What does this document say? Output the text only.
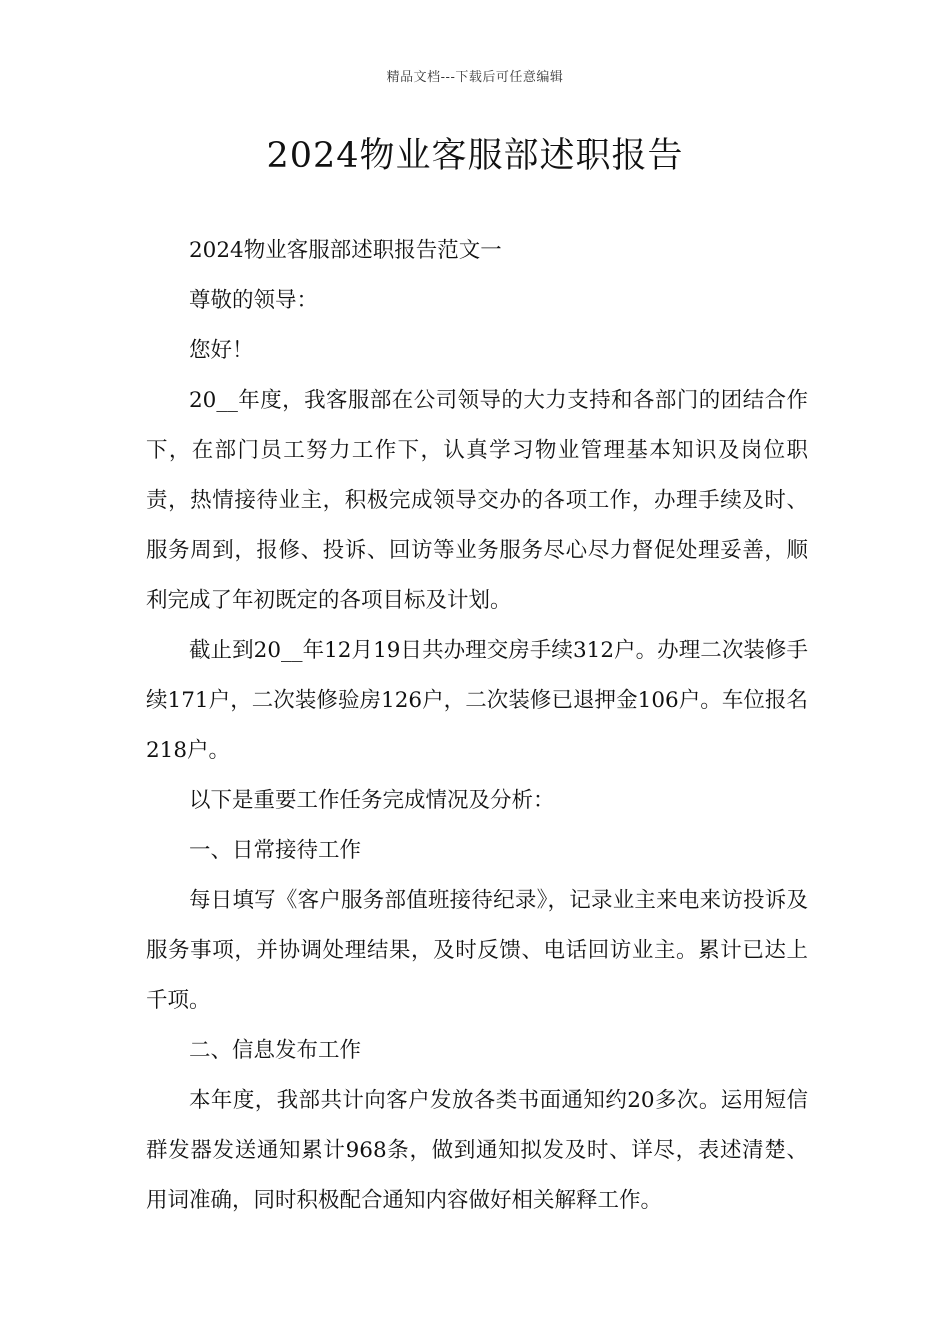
精品文档---下载后可任意编辑
2024物业客服部述职报告

2024物业客服部述职报告范文一

尊敬的领导：

您好！

20__年度，我客服部在公司领导的大力支持和各部门的团结合作下，在部门员工努力工作下，认真学习物业管理基本知识及岗位职责，热情接待业主，积极完成领导交办的各项工作，办理手续及时、服务周到，报修、投诉、回访等业务服务尽心尽力督促处理妥善，顺利完成了年初既定的各项目标及计划。

截止到20__年12月19日共办理交房手续312户。办理二次装修手续171户，二次装修验房126户，二次装修已退押金106户。车位报名218户。

以下是重要工作任务完成情况及分析：

一、日常接待工作

每日填写《客户服务部值班接待纪录》，记录业主来电来访投诉及服务事项，并协调处理结果，及时反馈、电话回访业主。累计已达上千项。

二、信息发布工作

本年度，我部共计向客户发放各类书面通知约20多次。运用短信群发器发送通知累计968条，做到通知拟发及时、详尽，表述清楚、用词准确，同时积极配合通知内容做好相关解释工作。
